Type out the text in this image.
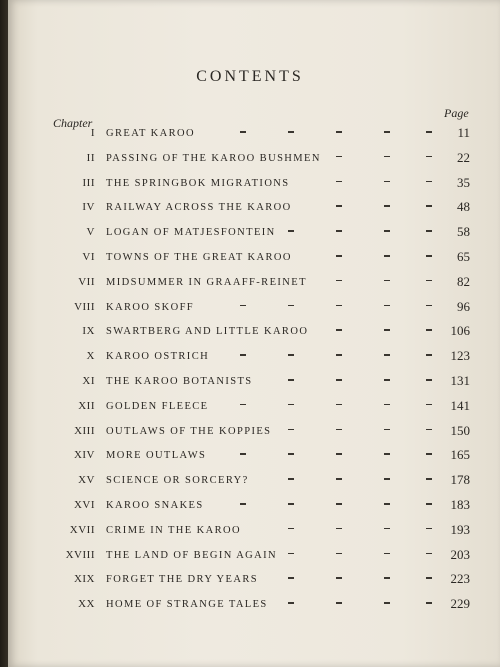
CONTENTS
Chapter
Page
I GREAT KAROO	11
II PASSING OF THE KAROO BUSHMEN	22
III THE SPRINGBOK MIGRATIONS	35
IV RAILWAY ACROSS THE KAROO	48
V LOGAN OF MATJESFONTEIN	58
VI TOWNS OF THE GREAT KAROO	65
VII MIDSUMMER IN GRAAFF-REINET	82
VIII KAROO SKOFF	96
IX SWARTBERG AND LITTLE KAROO	106
X KAROO OSTRICH	123
XI THE KAROO BOTANISTS	131
XII GOLDEN FLEECE	141
XIII OUTLAWS OF THE KOPPIES	150
XIV MORE OUTLAWS	165
XV SCIENCE OR SORCERY?	178
XVI KAROO SNAKES	183
XVII CRIME IN THE KAROO	193
XVIII THE LAND OF BEGIN AGAIN	203
XIX FORGET THE DRY YEARS	223
XX HOME OF STRANGE TALES	229
